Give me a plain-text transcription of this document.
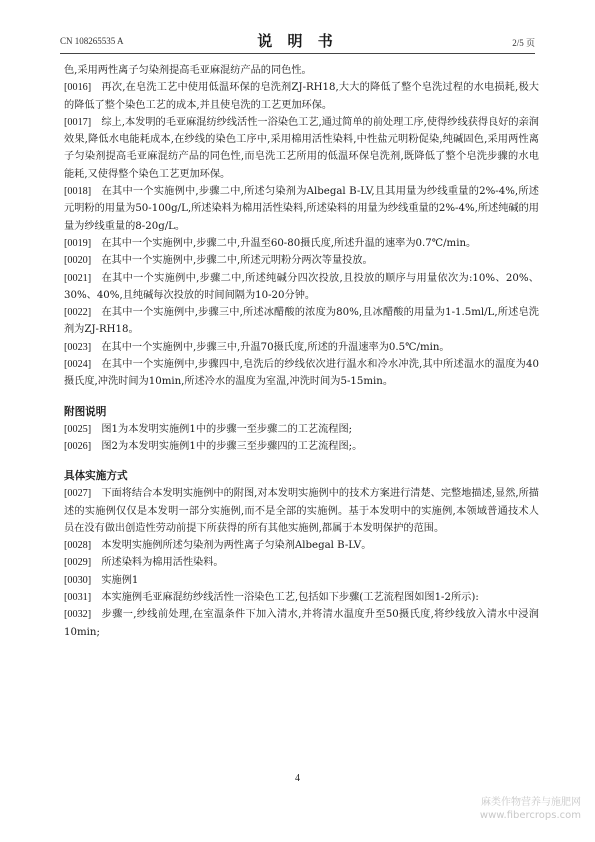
CN 108265535 A	说 明 书	2/5 页

色,采用两性离子匀染剂提高毛亚麻混纺产品的同色性。

[0016]  再次,在皂洗工艺中使用低温环保的皂洗剂ZJ-RH18,大大的降低了整个皂洗过程的水电损耗,极大的降低了整个染色工艺的成本,并且使皂洗的工艺更加环保。

[0017]  综上,本发明的毛亚麻混纺纱线活性一浴染色工艺,通过简单的前处理工序,使得纱线获得良好的亲润效果,降低水电能耗成本,在纱线的染色工序中,采用棉用活性染料,中性盐元明粉促染,纯碱固色,采用两性离子匀染剂提高毛亚麻混纺产品的同色性,而皂洗工艺所用的低温环保皂洗剂,既降低了整个皂洗步骤的水电能耗,又使得整个染色工艺更加环保。

[0018]  在其中一个实施例中,步骤二中,所述匀染剂为Albegal B-LV,且其用量为纱线重量的2%-4%,所述元明粉的用量为50-100g/L,所述染料为棉用活性染料,所述染料的用量为纱线重量的2%-4%,所述纯碱的用量为纱线重量的8-20g/L。

[0019]  在其中一个实施例中,步骤二中,升温至60-80摄氏度,所述升温的速率为0.7℃/min。

[0020]  在其中一个实施例中,步骤二中,所述元明粉分两次等量投放。

[0021]  在其中一个实施例中,步骤二中,所述纯碱分四次投放,且投放的顺序与用量依次为:10%、20%、30%、40%,且纯碱每次投放的时间间隔为10-20分钟。

[0022]  在其中一个实施例中,步骤三中,所述冰醋酸的浓度为80%,且冰醋酸的用量为1-1.5ml/L,所述皂洗剂为ZJ-RH18。

[0023]  在其中一个实施例中,步骤三中,升温70摄氏度,所述的升温速率为0.5℃/min。

[0024]  在其中一个实施例中,步骤四中,皂洗后的纱线依次进行温水和冷水冲洗,其中所述温水的温度为40摄氏度,冲洗时间为10min,所述冷水的温度为室温,冲洗时间为5-15min。

附图说明

[0025]  图1为本发明实施例1中的步骤一至步骤二的工艺流程图;

[0026]  图2为本发明实施例1中的步骤三至步骤四的工艺流程图;。

具体实施方式

[0027]  下面将结合本发明实施例中的附图,对本发明实施例中的技术方案进行清楚、完整地描述,显然,所描述的实施例仅仅是本发明一部分实施例,而不是全部的实施例。基于本发明中的实施例,本领域普通技术人员在没有做出创造性劳动前提下所获得的所有其他实施例,都属于本发明保护的范围。

[0028]  本发明实施例所述匀染剂为两性离子匀染剂Albegal B-LV。

[0029]  所述染料为棉用活性染料。

[0030]  实施例1

[0031]  本实施例毛亚麻混纺纱线活性一浴染色工艺,包括如下步骤(工艺流程图如图1-2所示):

[0032]  步骤一,纱线前处理,在室温条件下加入清水,并将清水温度升至50摄氏度,将纱线放入清水中浸润10min;

4
麻类作物营养与施肥网
www.fibercrops.com
